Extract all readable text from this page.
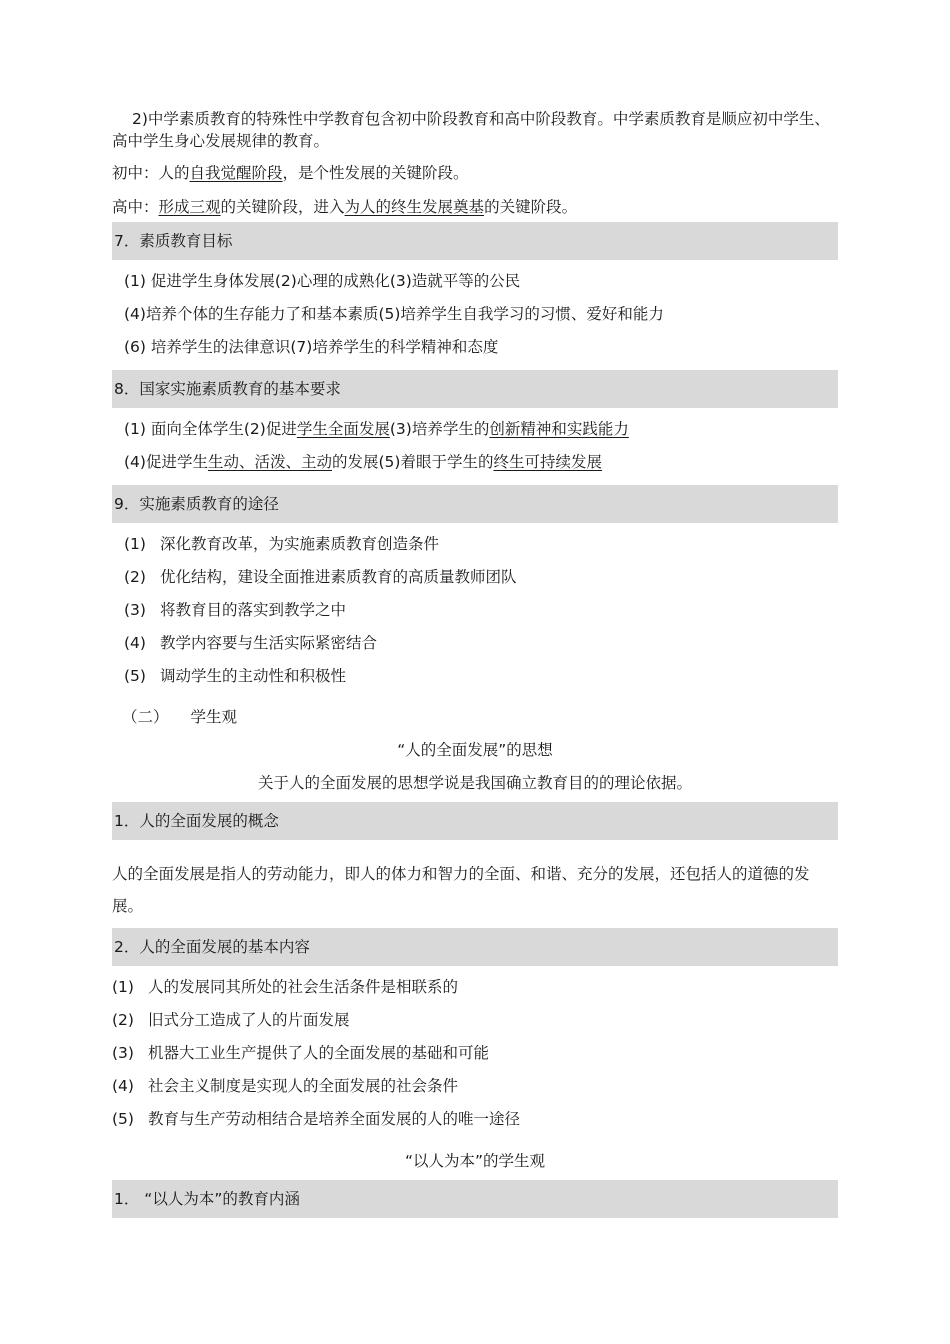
2)中学素质教育的特殊性中学教育包含初中阶段教育和高中阶段教育。中学素质教育是顺应初中学生、高中学生身心发展规律的教育。

初中：人的自我觉醒阶段，是个性发展的关键阶段。

高中：形成三观的关键阶段，进入为人的终生发展奠基的关键阶段。

7．素质教育目标

(1) 促进学生身体发展(2)心理的成熟化(3)造就平等的公民

(4)培养个体的生存能力了和基本素质(5)培养学生自我学习的习惯、爱好和能力

(6) 培养学生的法律意识(7)培养学生的科学精神和态度

8．国家实施素质教育的基本要求

(1) 面向全体学生(2)促进学生全面发展(3)培养学生的创新精神和实践能力

(4)促进学生生动、活泼、主动的发展(5)着眼于学生的终生可持续发展

9．实施素质教育的途径

(1) 深化教育改革，为实施素质教育创造条件

(2) 优化结构，建设全面推进素质教育的高质量教师团队

(3) 将教育目的落实到教学之中

(4) 教学内容要与生活实际紧密结合

(5) 调动学生的主动性和积极性

（二） 学生观

“人的全面发展”的思想

关于人的全面发展的思想学说是我国确立教育目的的理论依据。

1．人的全面发展的概念

人的全面发展是指人的劳动能力，即人的体力和智力的全面、和谐、充分的发展，还包括人的道德的发展。

2．人的全面发展的基本内容

(1) 人的发展同其所处的社会生活条件是相联系的

(2) 旧式分工造成了人的片面发展

(3) 机器大工业生产提供了人的全面发展的基础和可能

(4) 社会主义制度是实现人的全面发展的社会条件

(5) 教育与生产劳动相结合是培养全面发展的人的唯一途径

“以人为本”的学生观

1． “以人为本”的教育内涵
